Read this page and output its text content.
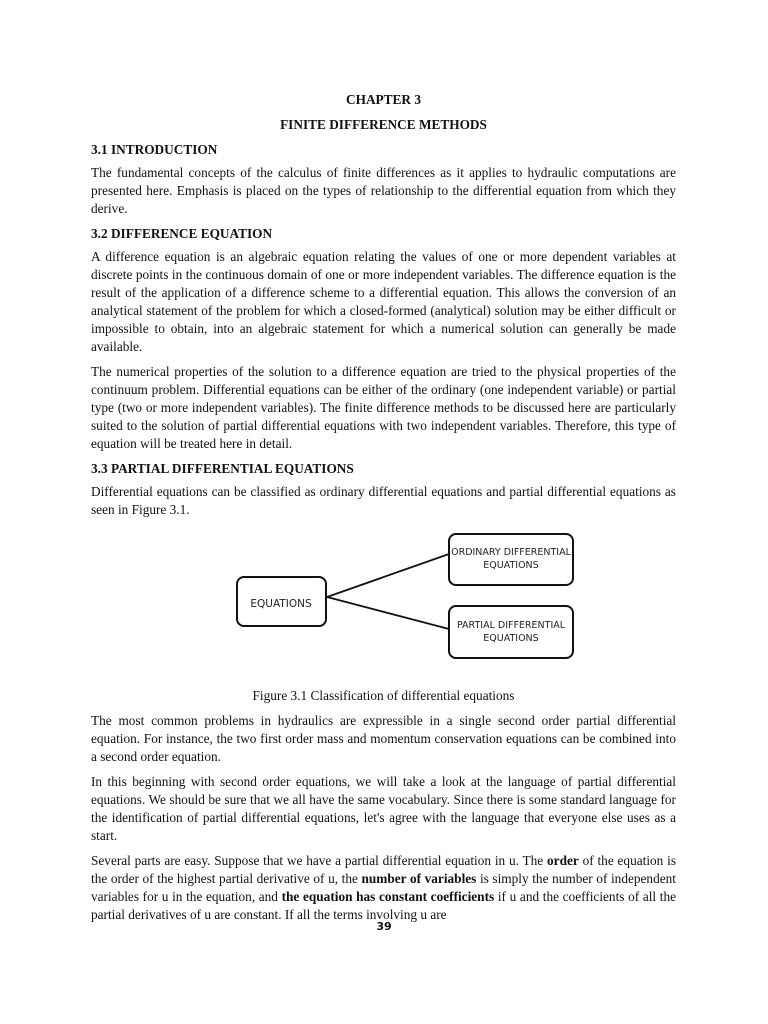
CHAPTER 3

FINITE DIFFERENCE METHODS

3.1 INTRODUCTION

The fundamental concepts of the calculus of finite differences as it applies to hydraulic computations are presented here. Emphasis is placed on the types of relationship to the differential equation from which they derive.

3.2 DIFFERENCE EQUATION

A difference equation is an algebraic equation relating the values of one or more dependent variables at discrete points in the continuous domain of one or more independent variables. The difference equation is the result of the application of a difference scheme to a differential equation. This allows the conversion of an analytical statement of the problem for which a closed-formed (analytical) solution may be either difficult or impossible to obtain, into an algebraic statement for which a numerical solution can generally be made available.

The numerical properties of the solution to a difference equation are tried to the physical properties of the continuum problem. Differential equations can be either of the ordinary (one independent variable) or partial type (two or more independent variables). The finite difference methods to be discussed here are particularly suited to the solution of partial differential equations with two independent variables. Therefore, this type of equation will be treated here in detail.

3.3 PARTIAL DIFFERENTIAL EQUATIONS

Differential equations can be classified as ordinary differential equations and partial differential equations as seen in Figure 3.1.

EQUATIONS
ORDINARY DIFFERENTIAL
EQUATIONS
PARTIAL DIFFERENTIAL
EQUATIONS

Figure 3.1 Classification of differential equations

The most common problems in hydraulics are expressible in a single second order partial differential equation. For instance, the two first order mass and momentum conservation equations can be combined into a second order equation.

In this beginning with second order equations, we will take a look at the language of partial differential equations. We should be sure that we all have the same vocabulary. Since there is some standard language for the identification of partial differential equations, let's agree with the language that everyone else uses as a start.

Several parts are easy. Suppose that we have a partial differential equation in u. The order of the equation is the order of the highest partial derivative of u, the number of variables is simply the number of independent variables for u in the equation, and the equation has constant coefficients if u and the coefficients of all the partial derivatives of u are constant. If all the terms involving u are

39
